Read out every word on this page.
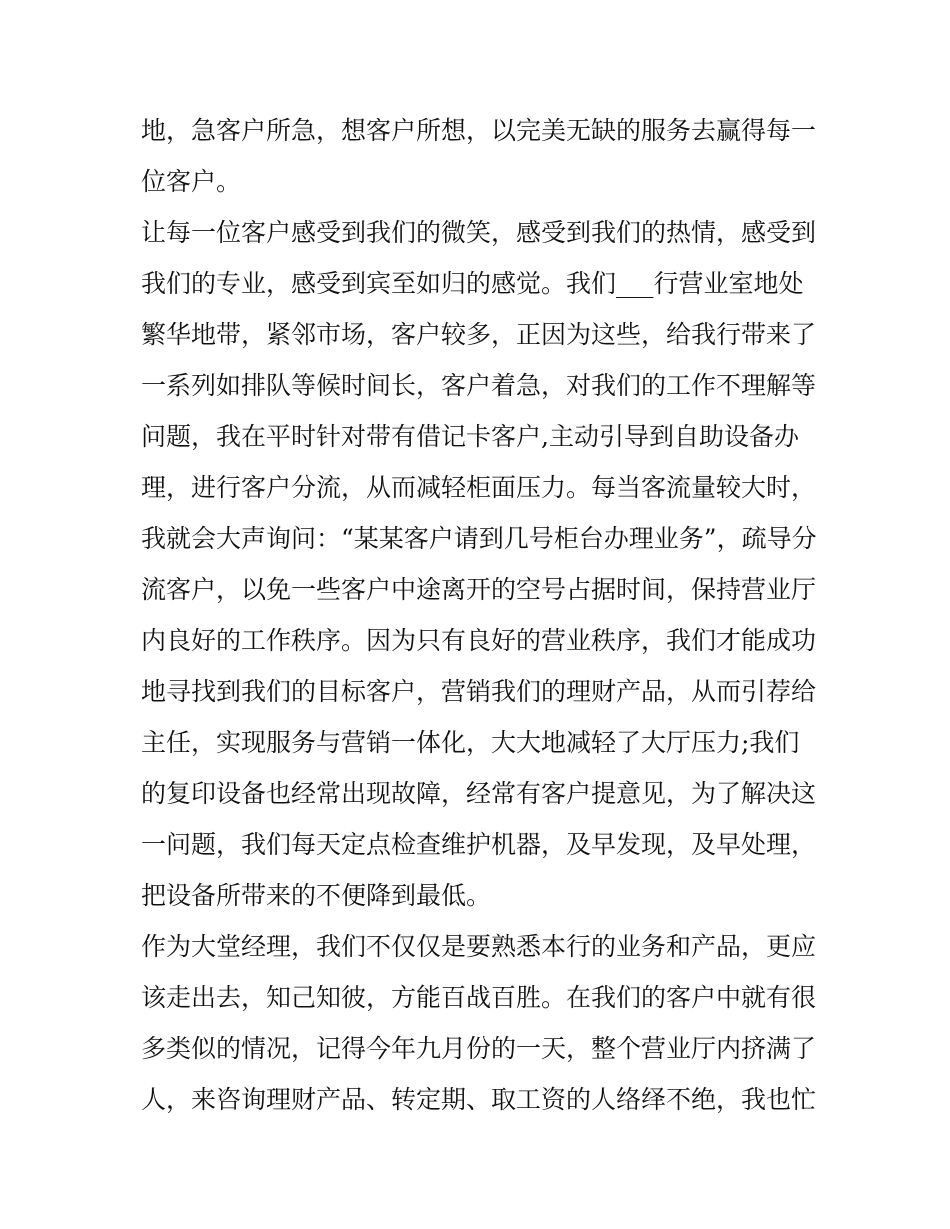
地，急客户所急，想客户所想，以完美无缺的服务去赢得每一
位客户。
让每一位客户感受到我们的微笑，感受到我们的热情，感受到
我们的专业，感受到宾至如归的感觉。我们___行营业室地处
繁华地带，紧邻市场，客户较多，正因为这些，给我行带来了
一系列如排队等候时间长，客户着急，对我们的工作不理解等
问题，我在平时针对带有借记卡客户,主动引导到自助设备办
理，进行客户分流，从而减轻柜面压力。每当客流量较大时，
我就会大声询问：“某某客户请到几号柜台办理业务”，疏导分
流客户，以免一些客户中途离开的空号占据时间，保持营业厅
内良好的工作秩序。因为只有良好的营业秩序，我们才能成功
地寻找到我们的目标客户，营销我们的理财产品，从而引荐给
主任，实现服务与营销一体化，大大地减轻了大厅压力;我们
的复印设备也经常出现故障，经常有客户提意见，为了解决这
一问题，我们每天定点检查维护机器，及早发现，及早处理，
把设备所带来的不便降到最低。
作为大堂经理，我们不仅仅是要熟悉本行的业务和产品，更应
该走出去，知己知彼，方能百战百胜。在我们的客户中就有很
多类似的情况，记得今年九月份的一天，整个营业厅内挤满了
人，来咨询理财产品、转定期、取工资的人络绎不绝，我也忙
